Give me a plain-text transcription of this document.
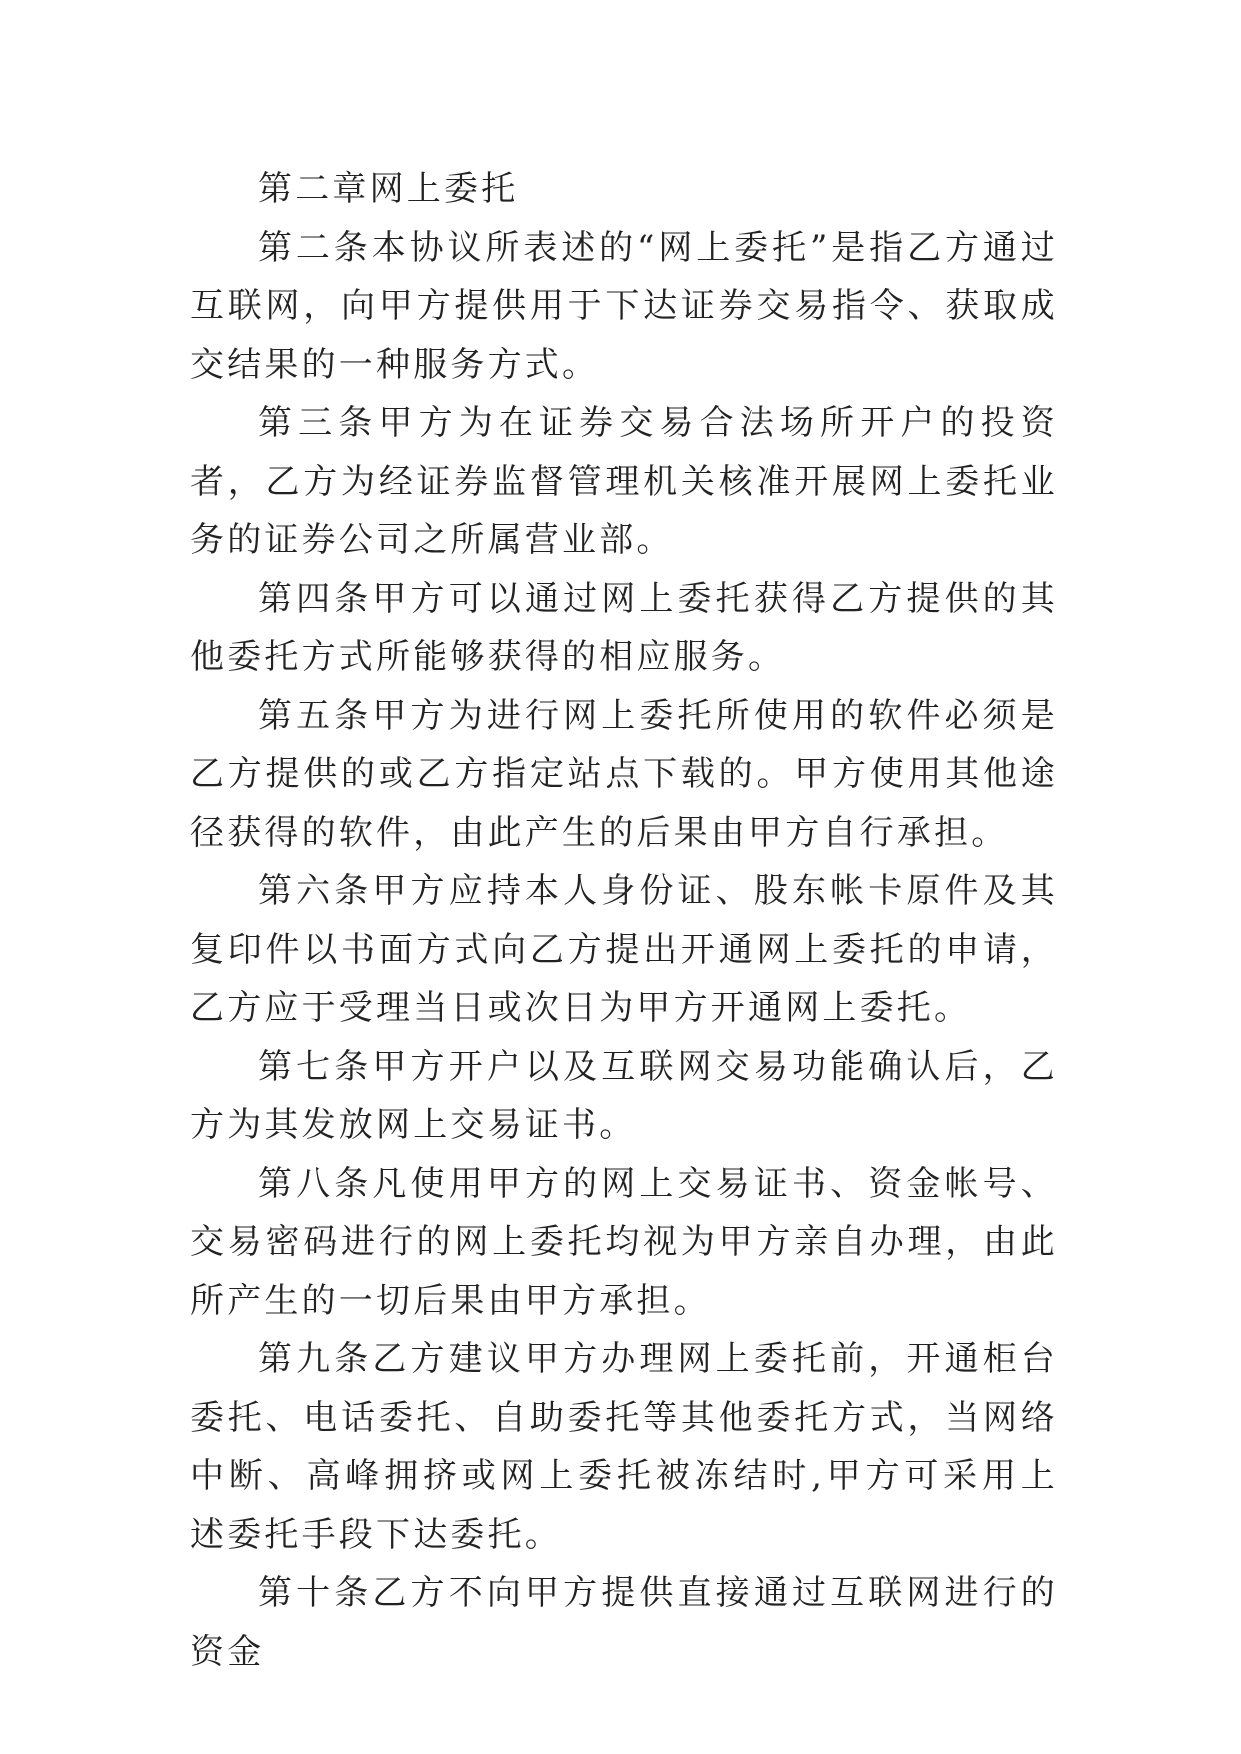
第二章网上委托

第二条本协议所表述的“网上委托”是指乙方通过互联网，向甲方提供用于下达证券交易指令、获取成交结果的一种服务方式。

第三条甲方为在证券交易合法场所开户的投资者，乙方为经证券监督管理机关核准开展网上委托业务的证券公司之所属营业部。

第四条甲方可以通过网上委托获得乙方提供的其他委托方式所能够获得的相应服务。

第五条甲方为进行网上委托所使用的软件必须是乙方提供的或乙方指定站点下载的。甲方使用其他途径获得的软件，由此产生的后果由甲方自行承担。

第六条甲方应持本人身份证、股东帐卡原件及其复印件以书面方式向乙方提出开通网上委托的申请，乙方应于受理当日或次日为甲方开通网上委托。

第七条甲方开户以及互联网交易功能确认后，乙方为其发放网上交易证书。

第八条凡使用甲方的网上交易证书、资金帐号、交易密码进行的网上委托均视为甲方亲自办理，由此所产生的一切后果由甲方承担。

第九条乙方建议甲方办理网上委托前，开通柜台委托、电话委托、自助委托等其他委托方式，当网络中断、高峰拥挤或网上委托被冻结时,甲方可采用上述委托手段下达委托。

第十条乙方不向甲方提供直接通过互联网进行的资金
